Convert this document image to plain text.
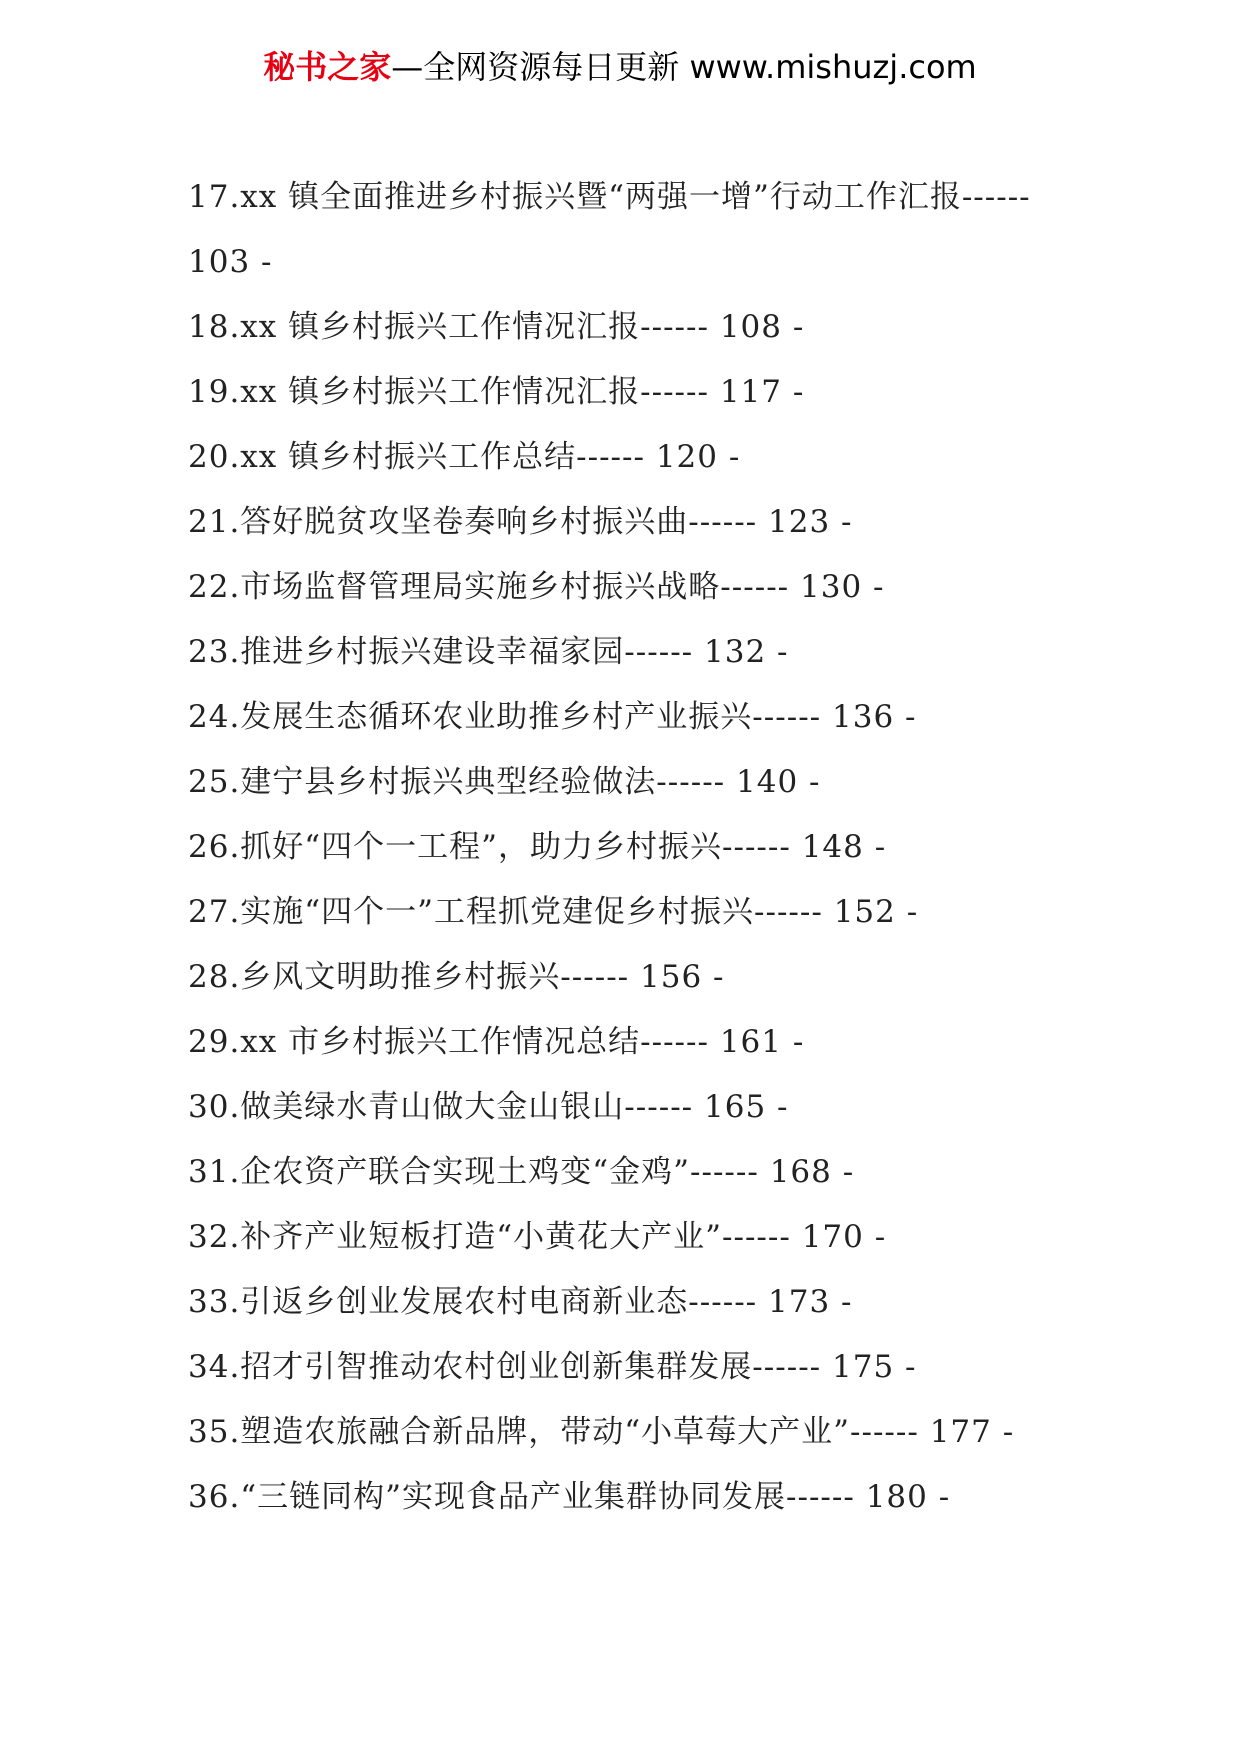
秘书之家—全网资源每日更新 www.mishuzj.com

17.xx 镇全面推进乡村振兴暨“两强一增”行动工作汇报------ 103 -

18.xx 镇乡村振兴工作情况汇报------ 108 -

19.xx 镇乡村振兴工作情况汇报------ 117 -

20.xx 镇乡村振兴工作总结------ 120 -

21.答好脱贫攻坚卷奏响乡村振兴曲------ 123 -

22.市场监督管理局实施乡村振兴战略------ 130 -

23.推进乡村振兴建设幸福家园------ 132 -

24.发展生态循环农业助推乡村产业振兴------ 136 -

25.建宁县乡村振兴典型经验做法------ 140 -

26.抓好“四个一工程”，助力乡村振兴------ 148 -

27.实施“四个一”工程抓党建促乡村振兴------ 152 -

28.乡风文明助推乡村振兴------ 156 -

29.xx 市乡村振兴工作情况总结------ 161 -

30.做美绿水青山做大金山银山------ 165 -

31.企农资产联合实现土鸡变“金鸡”------ 168 -

32.补齐产业短板打造“小黄花大产业”------ 170 -

33.引返乡创业发展农村电商新业态------ 173 -

34.招才引智推动农村创业创新集群发展------ 175 -

35.塑造农旅融合新品牌，带动“小草莓大产业”------ 177 -

36.“三链同构”实现食品产业集群协同发展------ 180 -
